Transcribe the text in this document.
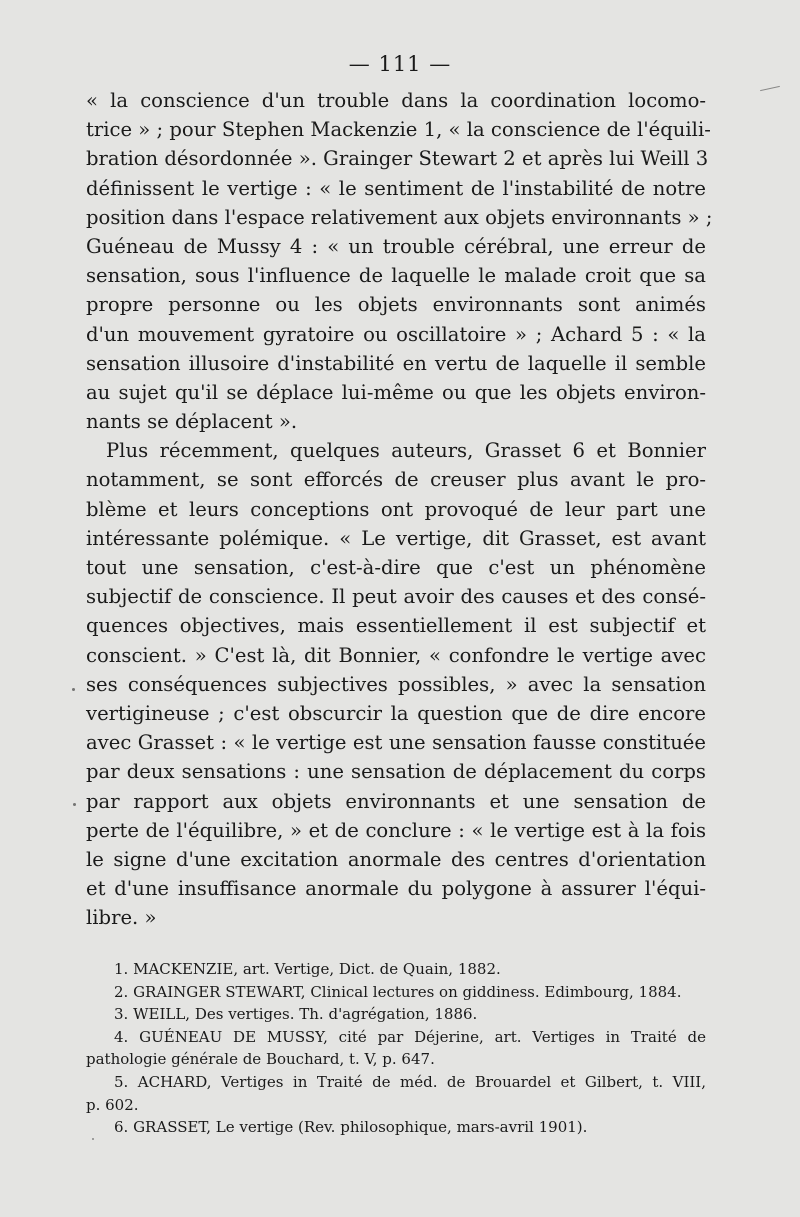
— 111 —
« la conscience d'un trouble dans la coordination locomo-
trice » ; pour Stephen Mackenzie 1, « la conscience de l'équili-
bration désordonnée ». Grainger Stewart 2 et après lui Weill 3
définissent le vertige : « le sentiment de l'instabilité de notre
position dans l'espace relativement aux objets environnants » ;
Guéneau de Mussy 4 : « un trouble cérébral, une erreur de
sensation, sous l'influence de laquelle le malade croit que sa
propre personne ou les objets environnants sont animés
d'un mouvement gyratoire ou oscillatoire » ; Achard 5 : « la
sensation illusoire d'instabilité en vertu de laquelle il semble
au sujet qu'il se déplace lui-même ou que les objets environ-
nants se déplacent ».
Plus récemment, quelques auteurs, Grasset 6 et Bonnier
notamment, se sont efforcés de creuser plus avant le pro-
blème et leurs conceptions ont provoqué de leur part une
intéressante polémique. « Le vertige, dit Grasset, est avant
tout une sensation, c'est-à-dire que c'est un phénomène
subjectif de conscience. Il peut avoir des causes et des consé-
quences objectives, mais essentiellement il est subjectif et
conscient. » C'est là, dit Bonnier, « confondre le vertige avec
ses conséquences subjectives possibles, » avec la sensation
vertigineuse ; c'est obscurcir la question que de dire encore
avec Grasset : « le vertige est une sensation fausse constituée
par deux sensations : une sensation de déplacement du corps
par rapport aux objets environnants et une sensation de
perte de l'équilibre, » et de conclure : « le vertige est à la fois
le signe d'une excitation anormale des centres d'orientation
et d'une insuffisance anormale du polygone à assurer l'équi-
libre. »
1. MACKENZIE, art. Vertige, Dict. de Quain, 1882.
2. GRAINGER STEWART, Clinical lectures on giddiness. Edimbourg, 1884.
3. WEILL, Des vertiges. Th. d'agrégation, 1886.
4. GUÉNEAU DE MUSSY, cité par Déjerine, art. Vertiges in Traité de
pathologie générale de Bouchard, t. V, p. 647.
5. ACHARD, Vertiges in Traité de méd. de Brouardel et Gilbert, t. VIII,
p. 602.
6. GRASSET, Le vertige (Rev. philosophique, mars-avril 1901).
